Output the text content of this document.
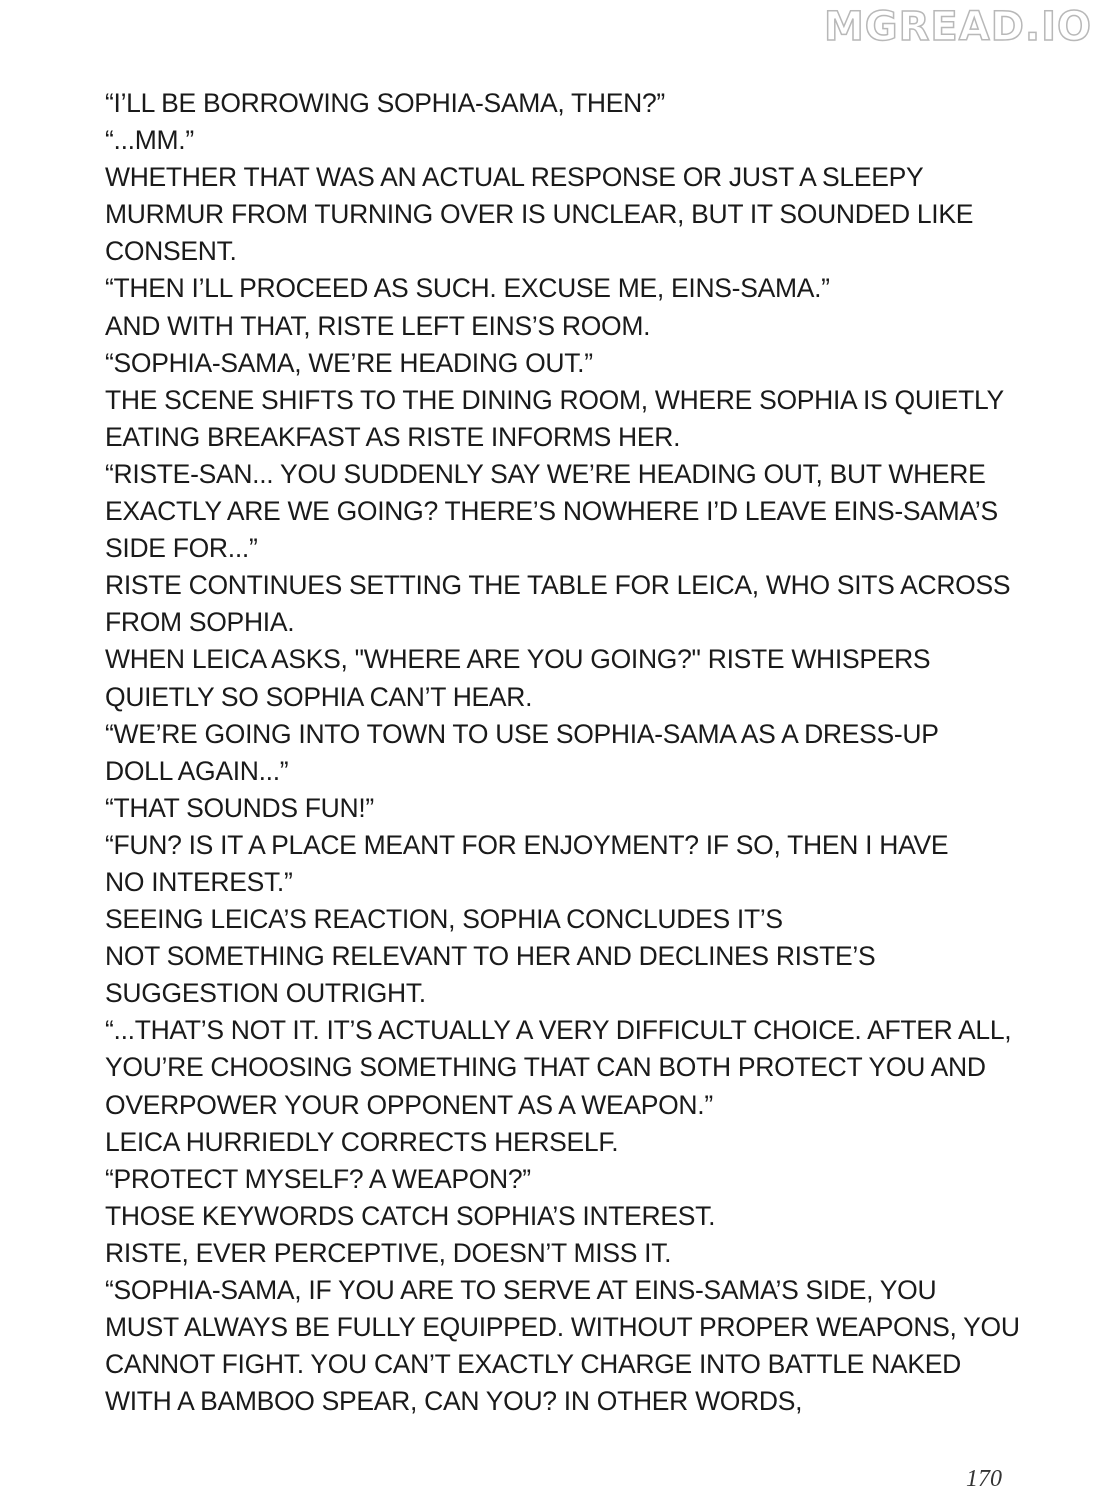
MGREAD.IO
“I’LL BE BORROWING SOPHIA-SAMA, THEN?”
“...MM.”
WHETHER THAT WAS AN ACTUAL RESPONSE OR JUST A SLEEPY
MURMUR FROM TURNING OVER IS UNCLEAR, BUT IT SOUNDED LIKE
CONSENT.
“THEN I’LL PROCEED AS SUCH. EXCUSE ME, EINS-SAMA.”
AND WITH THAT, RISTE LEFT EINS’S ROOM.
“SOPHIA-SAMA, WE’RE HEADING OUT.”
THE SCENE SHIFTS TO THE DINING ROOM, WHERE SOPHIA IS QUIETLY
EATING BREAKFAST AS RISTE INFORMS HER.
“RISTE-SAN... YOU SUDDENLY SAY WE’RE HEADING OUT, BUT WHERE
EXACTLY ARE WE GOING? THERE’S NOWHERE I’D LEAVE EINS-SAMA’S
SIDE FOR...”
RISTE CONTINUES SETTING THE TABLE FOR LEICA, WHO SITS ACROSS
FROM SOPHIA.
WHEN LEICA ASKS, "WHERE ARE YOU GOING?" RISTE WHISPERS
QUIETLY SO SOPHIA CAN’T HEAR.
“WE’RE GOING INTO TOWN TO USE SOPHIA-SAMA AS A DRESS-UP
DOLL AGAIN...”
“THAT SOUNDS FUN!”
“FUN? IS IT A PLACE MEANT FOR ENJOYMENT? IF SO, THEN I HAVE
NO INTEREST.”
SEEING LEICA’S REACTION, SOPHIA CONCLUDES IT’S
NOT SOMETHING RELEVANT TO HER AND DECLINES RISTE’S
SUGGESTION OUTRIGHT.
“...THAT’S NOT IT. IT’S ACTUALLY A VERY DIFFICULT CHOICE. AFTER ALL,
YOU’RE CHOOSING SOMETHING THAT CAN BOTH PROTECT YOU AND
OVERPOWER YOUR OPPONENT AS A WEAPON.”
LEICA HURRIEDLY CORRECTS HERSELF.
“PROTECT MYSELF? A WEAPON?”
THOSE KEYWORDS CATCH SOPHIA’S INTEREST.
RISTE, EVER PERCEPTIVE, DOESN’T MISS IT.
“SOPHIA-SAMA, IF YOU ARE TO SERVE AT EINS-SAMA’S SIDE, YOU
MUST ALWAYS BE FULLY EQUIPPED. WITHOUT PROPER WEAPONS, YOU
CANNOT FIGHT. YOU CAN’T EXACTLY CHARGE INTO BATTLE NAKED
WITH A BAMBOO SPEAR, CAN YOU? IN OTHER WORDS,
170
